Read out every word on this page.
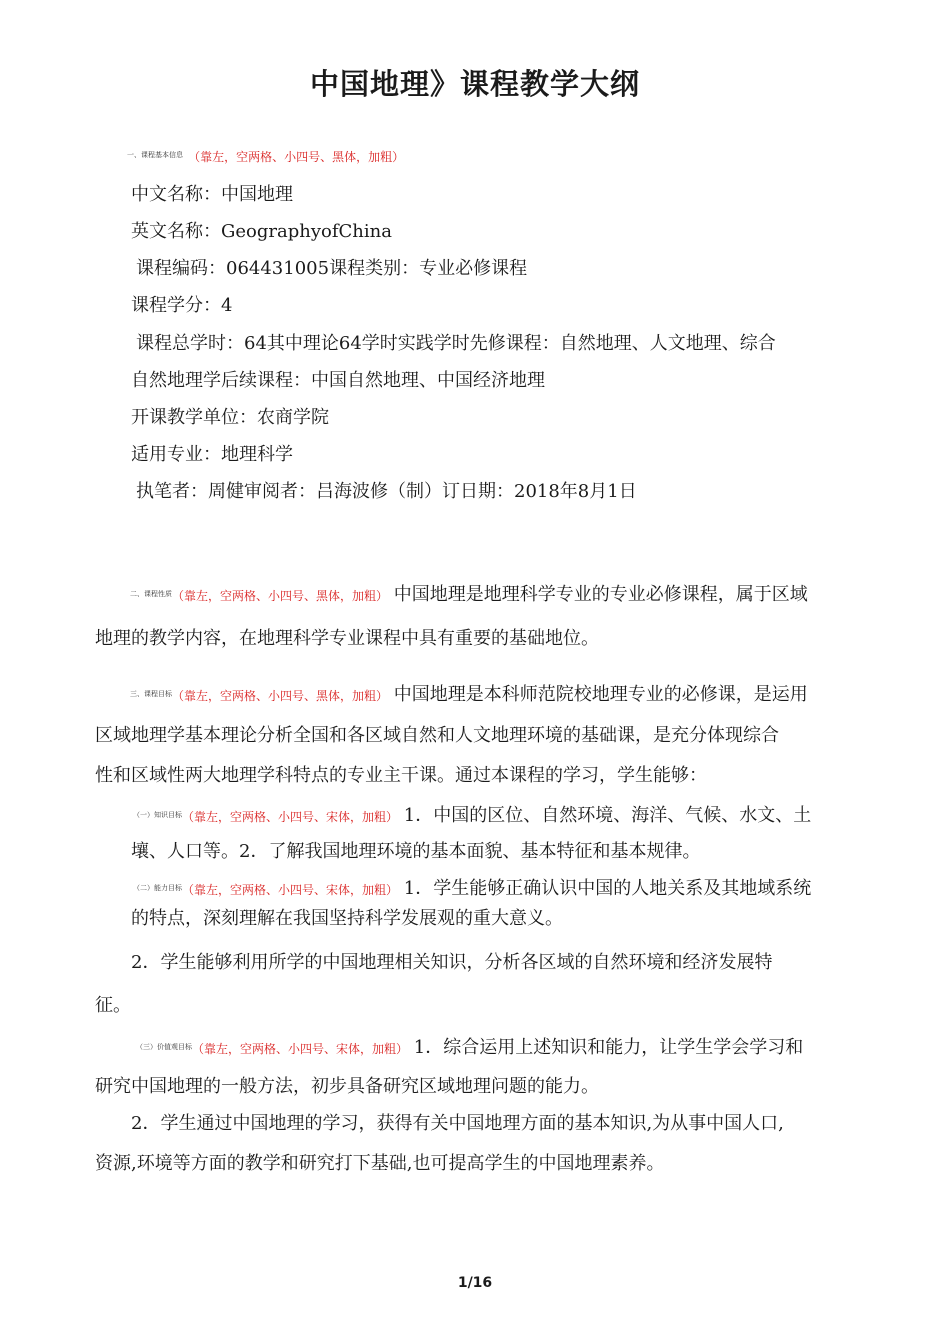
中国地理》课程教学大纲
$^{一、课程基本信息}$ （靠左，空两格、小四号、黑体，加粗）
中文名称：中国地理
英文名称：GeographyofChina
课程编码：064431005课程类别：专业必修课程
课程学分：4
课程总学时：64其中理论64学时实践学时先修课程：自然地理、人文地理、综合
自然地理学后续课程：中国自然地理、中国经济地理
开课教学单位：农商学院
适用专业：地理科学
执笔者：周健审阅者：吕海波修（制）订日期：2018年8月1日
$^{二、课程性质}$（靠左，空两格、小四号、黑体，加粗） 中国地理是地理科学专业的专业必修课程，属于区域
地理的教学内容，在地理科学专业课程中具有重要的基础地位。
$^{三、课程目标}$（靠左，空两格、小四号、黑体，加粗） 中国地理是本科师范院校地理专业的必修课，是运用
区域地理学基本理论分析全国和各区域自然和人文地理环境的基础课，是充分体现综合
性和区域性两大地理学科特点的专业主干课。通过本课程的学习，学生能够：
$^{(一)知识目标}$（靠左，空两格、小四号、宋体，加粗） 1．中国的区位、自然环境、海洋、气候、水文、土
壤、人口等。2．了解我国地理环境的基本面貌、基本特征和基本规律。
$^{(二)能力目标}$（靠左，空两格、小四号、宋体，加粗） 1．学生能够正确认识中国的人地关系及其地域系统
的特点，深刻理解在我国坚持科学发展观的重大意义。
2．学生能够利用所学的中国地理相关知识，分析各区域的自然环境和经济发展特
征。
$^{(三)价值观目标}$（靠左，空两格、小四号、宋体，加粗） 1．综合运用上述知识和能力，让学生学会学习和
研究中国地理的一般方法，初步具备研究区域地理问题的能力。
2．学生通过中国地理的学习，获得有关中国地理方面的基本知识,为从事中国人口,
资源,环境等方面的教学和研究打下基础,也可提高学生的中国地理素养。
1/16
